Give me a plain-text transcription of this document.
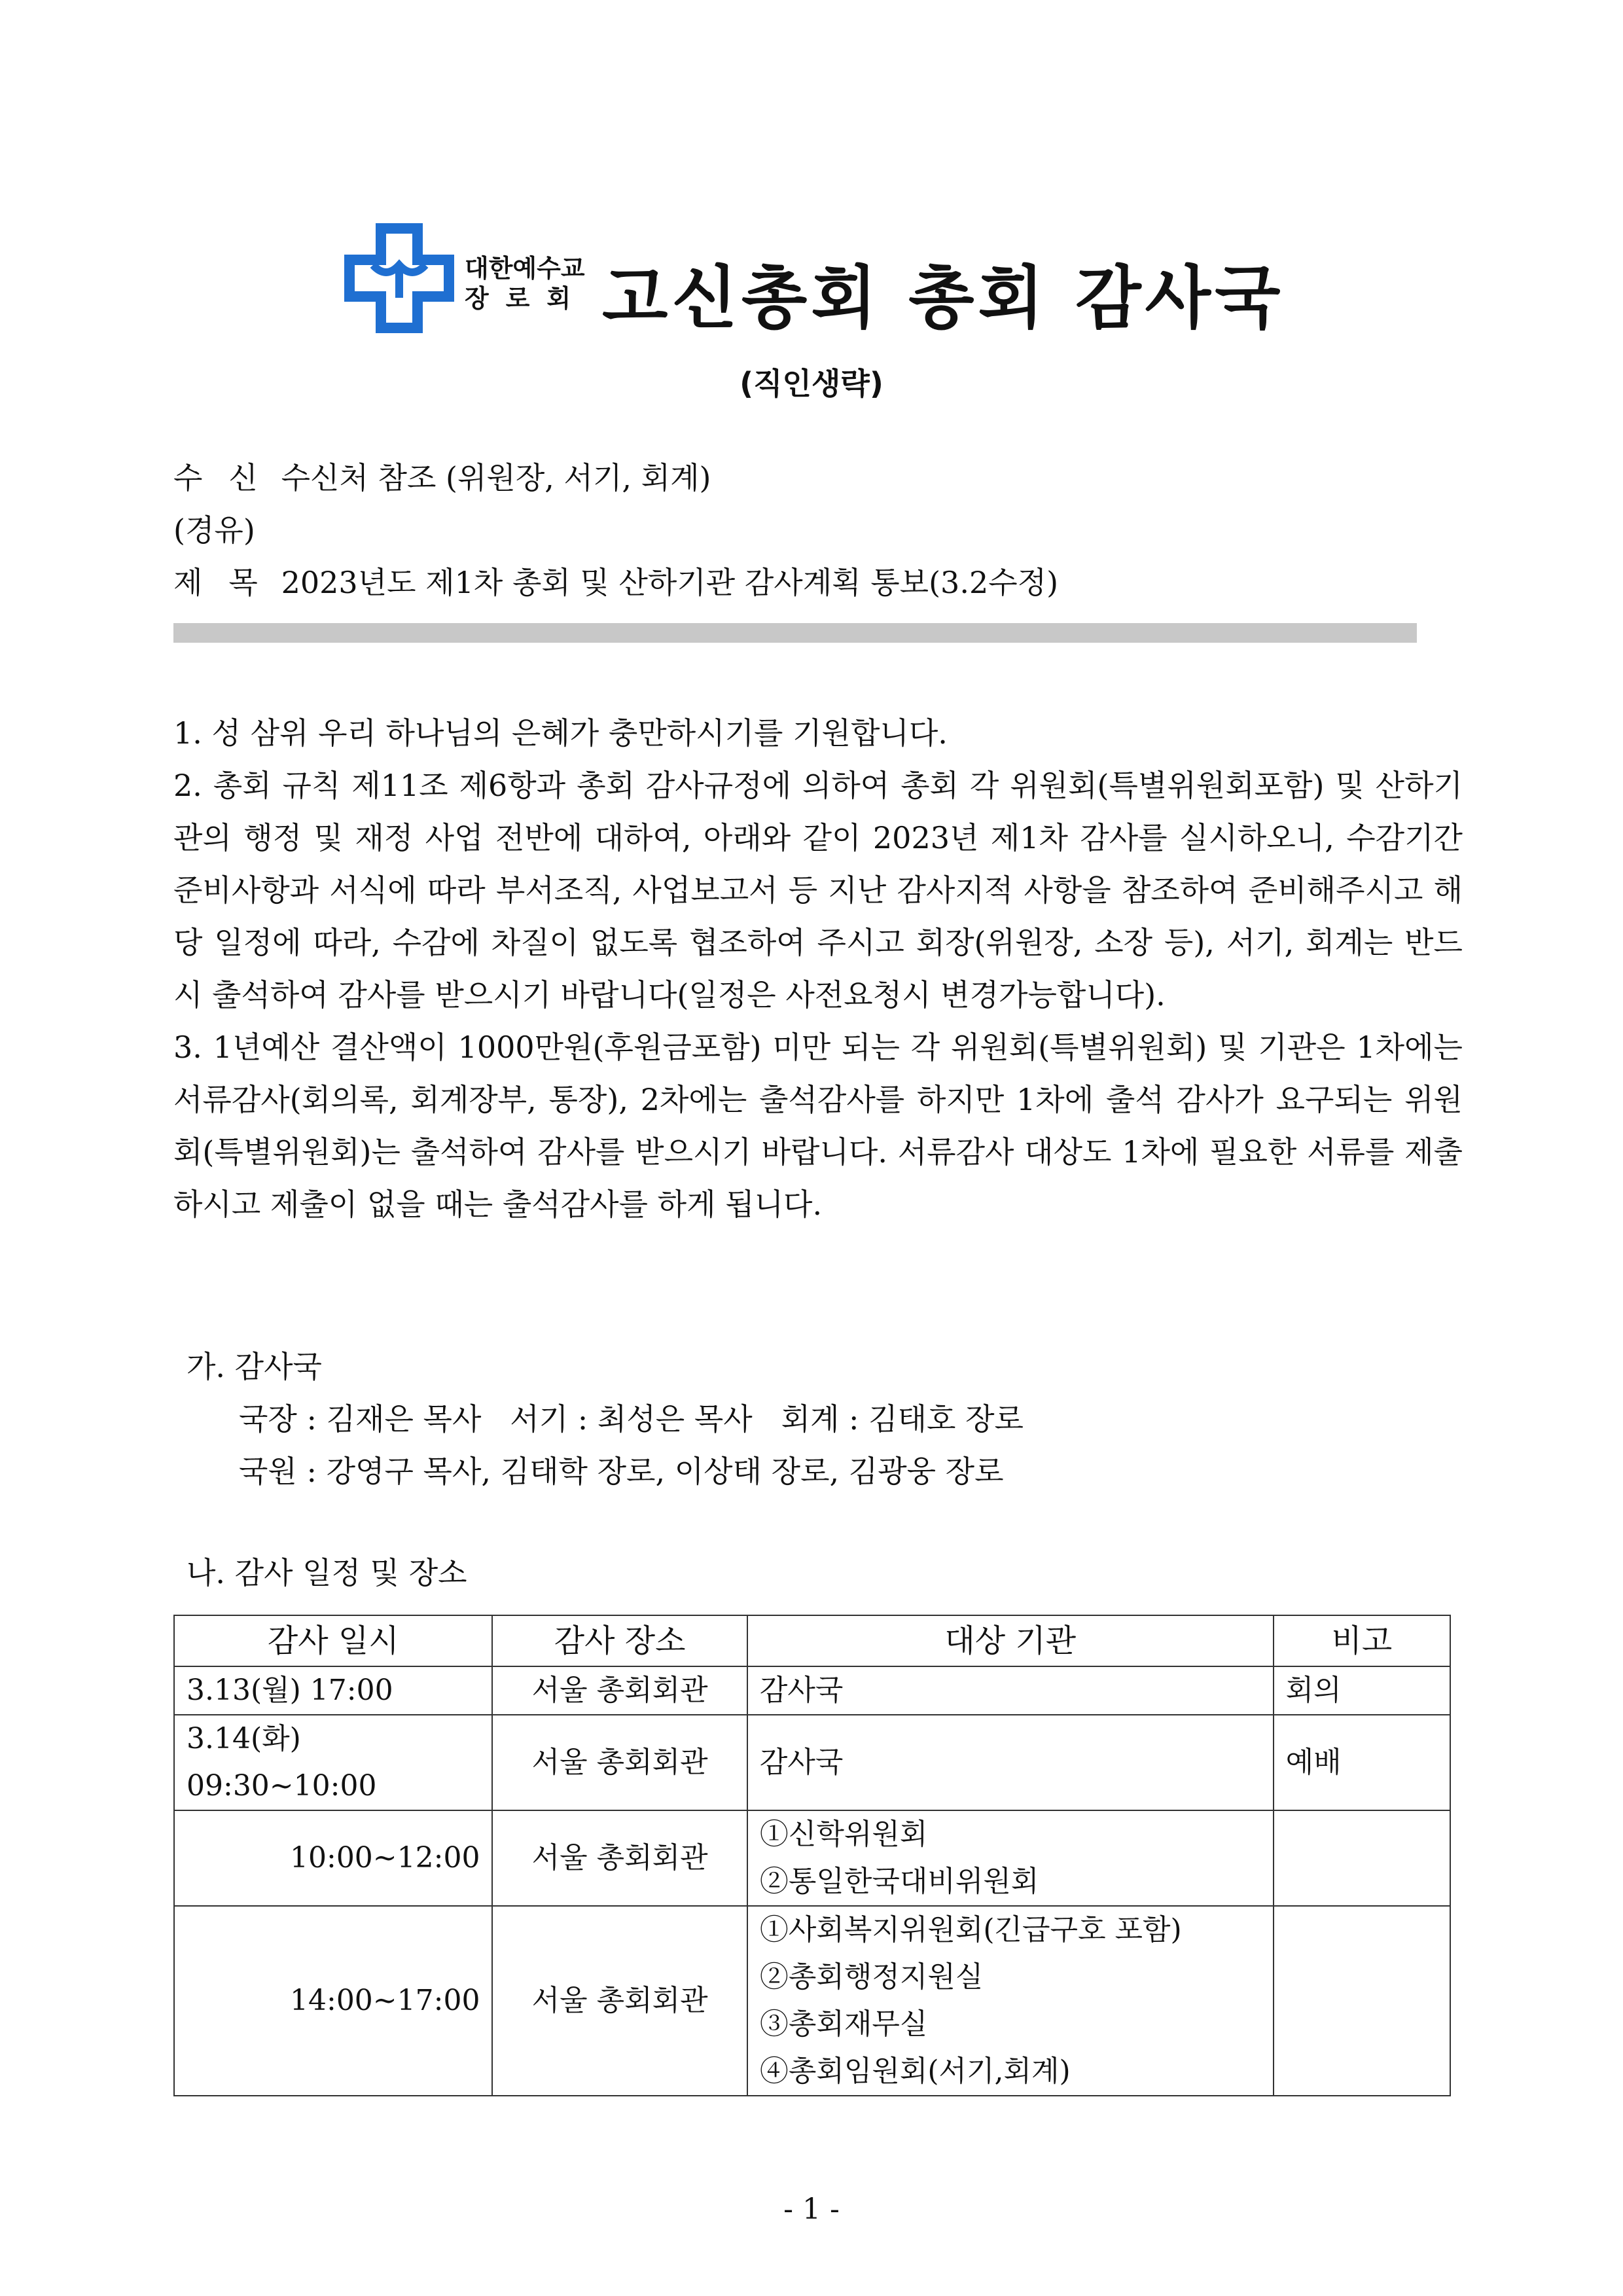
대한예수교
장로회 고신총회 총회 감사국
(직인생략)
수신 수신처 참조 (위원장, 서기, 회계)
(경유)
제목 2023년도 제1차 총회 및 산하기관 감사계획 통보(3.2수정)

1. 성 삼위 우리 하나님의 은혜가 충만하시기를 기원합니다.

2. 총회 규칙 제11조 제6항과 총회 감사규정에 의하여 총회 각 위원회(특별위원회포함) 및 산하기관의 행정 및 재정 사업 전반에 대하여, 아래와 같이 2023년 제1차 감사를 실시하오니, 수감기간 준비사항과 서식에 따라 부서조직, 사업보고서 등 지난 감사지적 사항을 참조하여 준비해주시고 해당 일정에 따라, 수감에 차질이 없도록 협조하여 주시고 회장(위원장, 소장 등), 서기, 회계는 반드시 출석하여 감사를 받으시기 바랍니다(일정은 사전요청시 변경가능합니다).

3. 1년예산 결산액이 1000만원(후원금포함) 미만 되는 각 위원회(특별위원회) 및 기관은 1차에는 서류감사(회의록, 회계장부, 통장), 2차에는 출석감사를 하지만 1차에 출석 감사가 요구되는 위원회(특별위원회)는 출석하여 감사를 받으시기 바랍니다. 서류감사 대상도 1차에 필요한 서류를 제출하시고 제출이 없을 때는 출석감사를 하게 됩니다.

가. 감사국
국장 : 김재은 목사   서기 : 최성은 목사   회계 : 김태호 장로
국원 : 강영구 목사, 김태학 장로, 이상태 장로, 김광웅 장로
나. 감사 일정 및 장소
감사 일시	감사 장소	대상 기관	비고
3.13(월) 17:00	서울 총회회관	감사국	회의
3.14(화) 09:30~10:00	서울 총회회관	감사국	예배
10:00~12:00	서울 총회회관	①신학위원회
②통일한국대비위원회	

14:00~17:00	서울 총회회관	①사회복지위원회(긴급구호 포함)
②총회행정지원실
③총회재무실
④총회임원회(서기,회계)	

- 1 -
